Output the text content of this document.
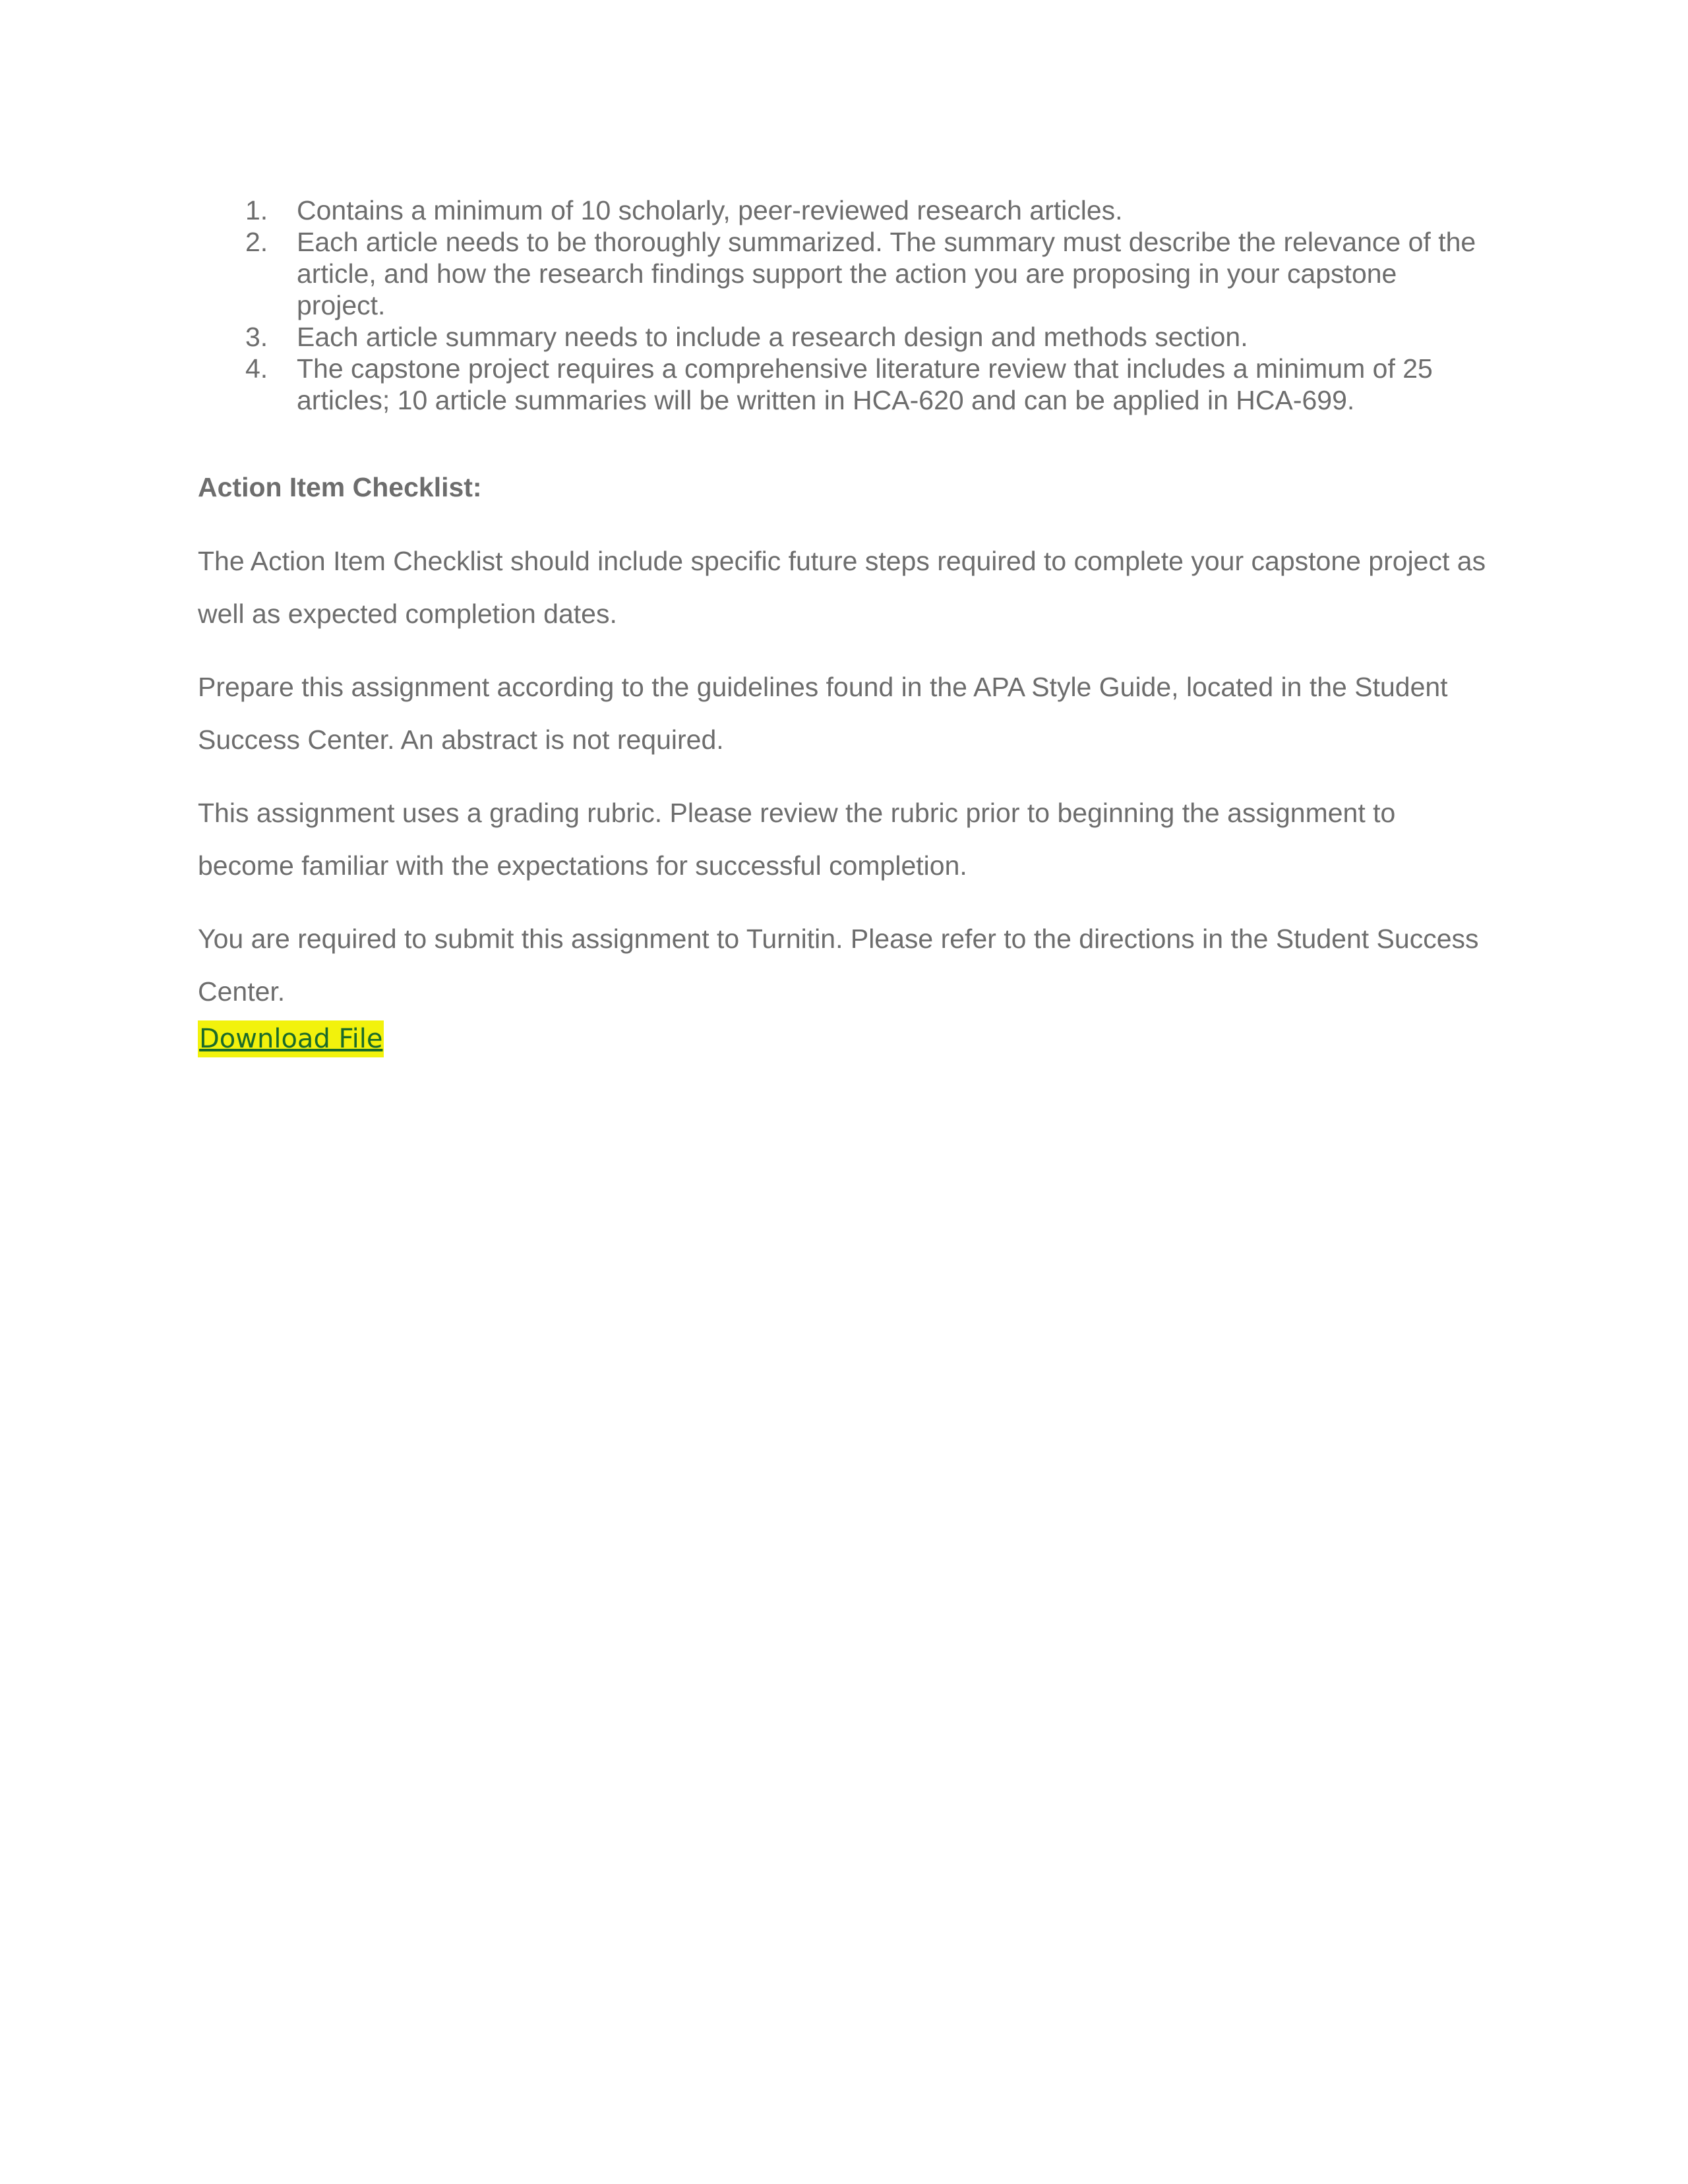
1. Contains a minimum of 10 scholarly, peer-reviewed research articles.
2. Each article needs to be thoroughly summarized. The summary must describe the relevance of the article, and how the research findings support the action you are proposing in your capstone project.
3. Each article summary needs to include a research design and methods section.
4. The capstone project requires a comprehensive literature review that includes a minimum of 25 articles; 10 article summaries will be written in HCA-620 and can be applied in HCA-699.
Action Item Checklist:

The Action Item Checklist should include specific future steps required to complete your capstone project as well as expected completion dates.

Prepare this assignment according to the guidelines found in the APA Style Guide, located in the Student Success Center. An abstract is not required.

This assignment uses a grading rubric. Please review the rubric prior to beginning the assignment to become familiar with the expectations for successful completion.

You are required to submit this assignment to Turnitin. Please refer to the directions in the Student Success Center.

Download File
